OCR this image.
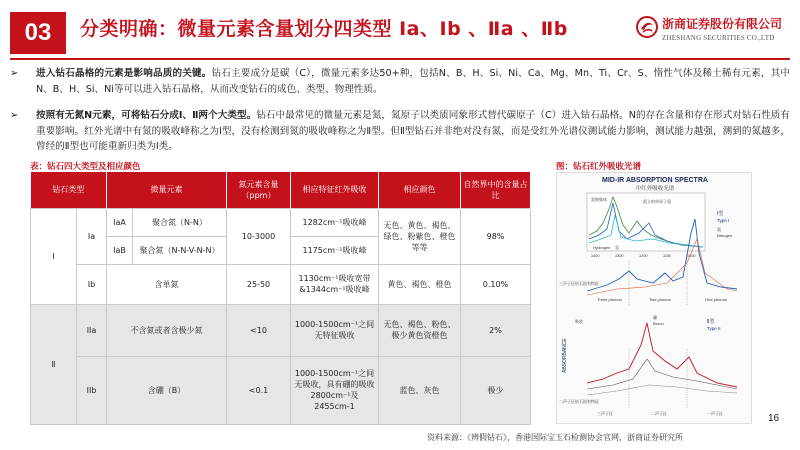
03	分类明确：微量元素含量划分四类型 Ⅰa、Ⅰb 、Ⅱa 、Ⅱb	浙商证券股份有限公司
ZHESHANG SECURITIES CO.,LTD
➢	进入钻石晶格的元素是影响品质的关键。钻石主要成分是碳（C），微量元素多达50+种，包括N、B、H、Si、Ni、Ca、Mg、Mn、Ti、Cr、S、惰性气体及稀土稀有元素，其中N、B、H、Si、Ni等可以进入钻石晶格，从而改变钻石的成色、类型、物理性质。
➢	按照有无氮N元素，可将钻石分成Ⅰ、Ⅱ两个大类型。钻石中最常见的微量元素是氮，氮原子以类质同象形式替代碳原子（C）进入钻石晶格。N的存在含量和存在形式对钻石性质有重要影响。红外光谱中有氮的吸收峰称之为Ⅰ型，没有检测到氮的吸收峰称之为Ⅱ型。但Ⅱ型钻石并非绝对没有氮，而是受红外光谱仪测试能力影响，测试能力越强，测到的氮越多，曾经的Ⅱ型也可能重新归类为Ⅰ类。
表：钻石四大类型及相应颜色	图：钻石红外吸收光谱
钻石类型		微量元素		氮元素含量（ppm）	相应特征红外吸收	相应颜色	自然界中的含量占比
Ⅰ	Ia	IaA	聚合氮（N-N）	10-3000	1282cm⁻¹吸收峰	无色、黄色、褐色、绿色、粉紫色、橙色等等	98%
		IaB	聚合氮（N-N-V-N-N）		1175cm⁻¹吸收峰		
	Ib	含单氮		25-50	1130cm⁻¹吸收宽带&1344cm⁻¹吸收峰	黄色、褐色、橙色	0.10%
Ⅱ	IIa	不含氮或者含极少氮		<10	1000-1500cm⁻¹之间无特征吸收	无色、褐色、粉色、极少黄色资橙色	2%
	IIb	含硼（B）		<0.1	1000-1500cm⁻¹之间无吸收，具有硼的吸收2800cm⁻¹及2455cm-1	蓝色、灰色	极少
MID-IR ABSORPTION SPECTRA
中红外吸收光谱
氮聚集体	孤立的单原子氮
Hydrogen 氢
1400	1300	1200	1100	1000
Ⅰ型
Type I
氮
Nitrogen
Three phonon	Two phonon	One phonon
三声子区钻石固有特征
ABSORBANCE
吸收	Ⅱ型
Type II
硼
Boron
二声子区钻石固有特征
三声子区	二声子区	一声子区	16
资料来源：《辨假钻石》，香港国际宝玉石检测协会官网，浙商证券研究所
